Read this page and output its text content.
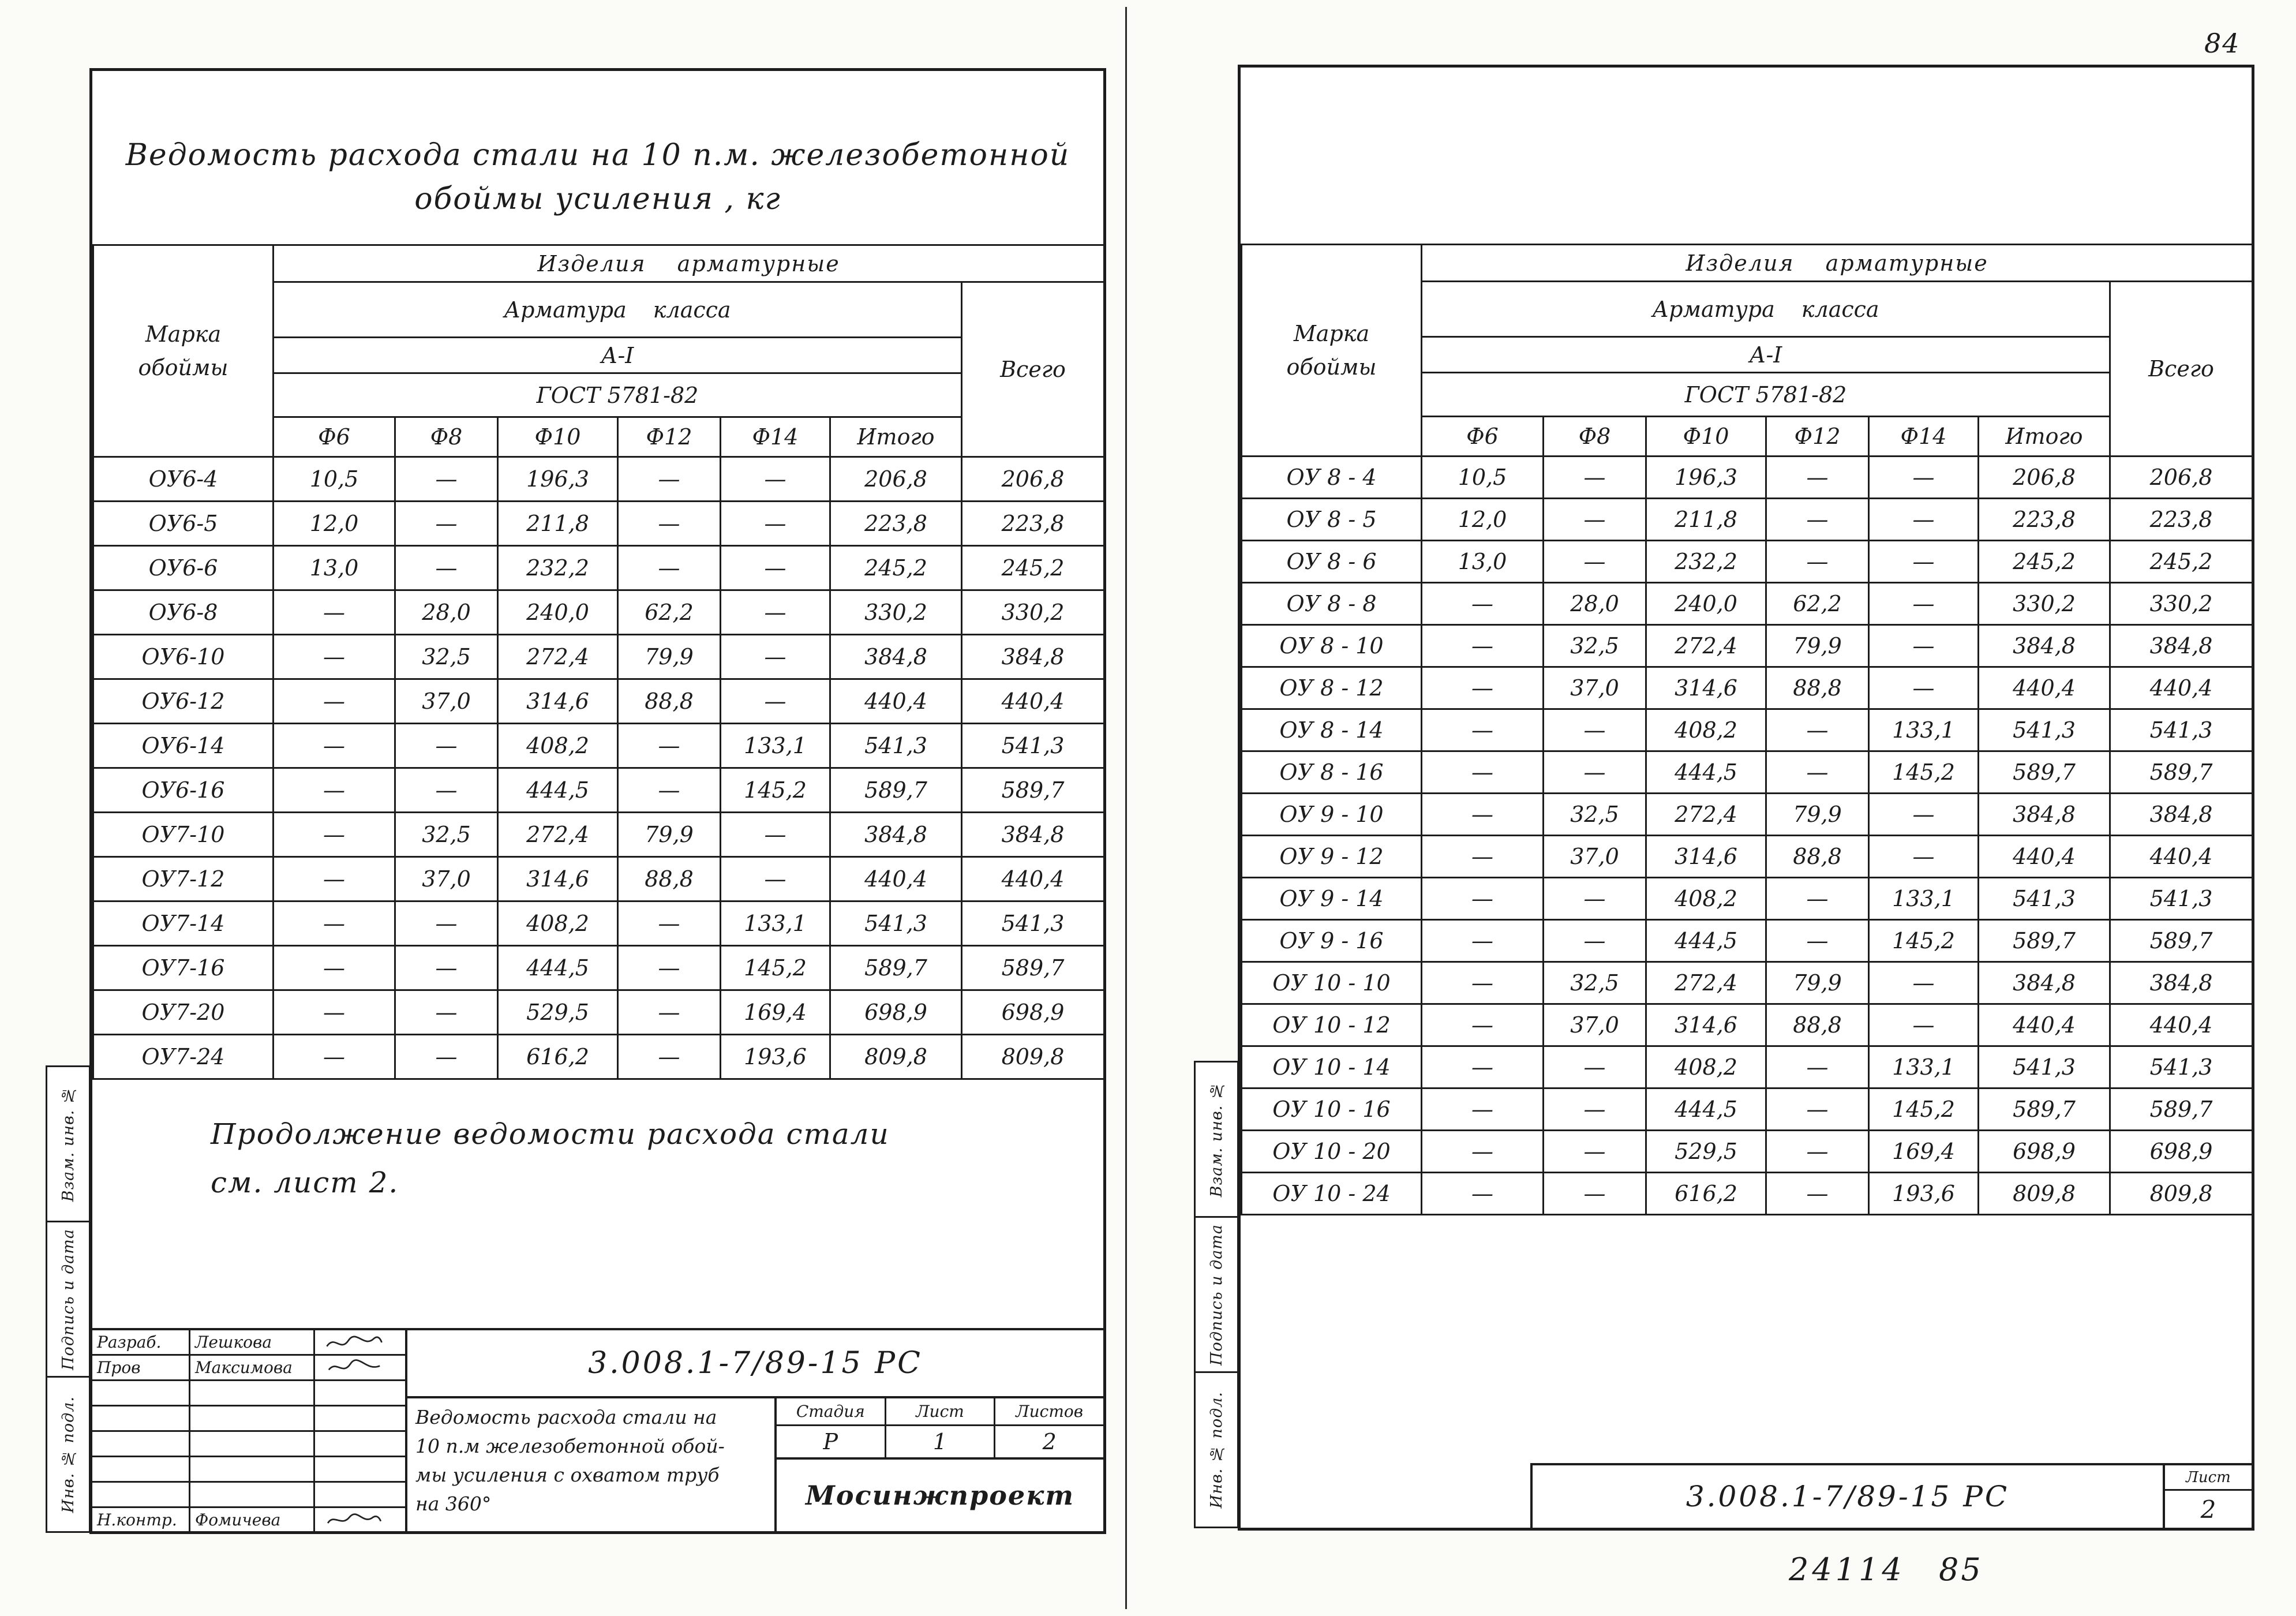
84
24114 85
Ведомость расхода стали на 10 п.м. железобетонной
обоймы усиления , кг
Марка
обоймы	Изделия арматурные						
	Арматура класса						Всего
	А-I						
	ГОСТ 5781-82						
	Ф6	Ф8	Ф10	Ф12	Ф14	Итого	
ОУ6-4	10,5	—	196,3	—	—	206,8	206,8
ОУ6-5	12,0	—	211,8	—	—	223,8	223,8
ОУ6-6	13,0	—	232,2	—	—	245,2	245,2
ОУ6-8	—	28,0	240,0	62,2	—	330,2	330,2
ОУ6-10	—	32,5	272,4	79,9	—	384,8	384,8
ОУ6-12	—	37,0	314,6	88,8	—	440,4	440,4
ОУ6-14	—	—	408,2	—	133,1	541,3	541,3
ОУ6-16	—	—	444,5	—	145,2	589,7	589,7
ОУ7-10	—	32,5	272,4	79,9	—	384,8	384,8
ОУ7-12	—	37,0	314,6	88,8	—	440,4	440,4
ОУ7-14	—	—	408,2	—	133,1	541,3	541,3
ОУ7-16	—	—	444,5	—	145,2	589,7	589,7
ОУ7-20	—	—	529,5	—	169,4	698,9	698,9
ОУ7-24	—	—	616,2	—	193,6	809,8	809,8
Продолжение ведомости расхода стали
см. лист 2.
Разраб.	Лешкова
Пров	Максимова
Н.контр.	Фомичева
3.008.1-7/89-15 РС
Ведомость расхода стали на
10 п.м железобетонной обой-
мы усиления с охватом труб
на 360°
Стадия
Р
Лист
1
Листов
2
Мосинжпроект
Взам. инв. №
Подпись и дата
Инв. № подл.
Марка
обоймы	Изделия арматурные						
	Арматура класса						Всего
	А-I						
	ГОСТ 5781-82						
	Ф6	Ф8	Ф10	Ф12	Ф14	Итого	
ОУ 8 - 4	10,5	—	196,3	—	—	206,8	206,8
ОУ 8 - 5	12,0	—	211,8	—	—	223,8	223,8
ОУ 8 - 6	13,0	—	232,2	—	—	245,2	245,2
ОУ 8 - 8	—	28,0	240,0	62,2	—	330,2	330,2
ОУ 8 - 10	—	32,5	272,4	79,9	—	384,8	384,8
ОУ 8 - 12	—	37,0	314,6	88,8	—	440,4	440,4
ОУ 8 - 14	—	—	408,2	—	133,1	541,3	541,3
ОУ 8 - 16	—	—	444,5	—	145,2	589,7	589,7
ОУ 9 - 10	—	32,5	272,4	79,9	—	384,8	384,8
ОУ 9 - 12	—	37,0	314,6	88,8	—	440,4	440,4
ОУ 9 - 14	—	—	408,2	—	133,1	541,3	541,3
ОУ 9 - 16	—	—	444,5	—	145,2	589,7	589,7
ОУ 10 - 10	—	32,5	272,4	79,9	—	384,8	384,8
ОУ 10 - 12	—	37,0	314,6	88,8	—	440,4	440,4
ОУ 10 - 14	—	—	408,2	—	133,1	541,3	541,3
ОУ 10 - 16	—	—	444,5	—	145,2	589,7	589,7
ОУ 10 - 20	—	—	529,5	—	169,4	698,9	698,9
ОУ 10 - 24	—	—	616,2	—	193,6	809,8	809,8
3.008.1-7/89-15 РС
Лист
2
Взам. инв. №
Подпись и дата
Инв. № подл.
